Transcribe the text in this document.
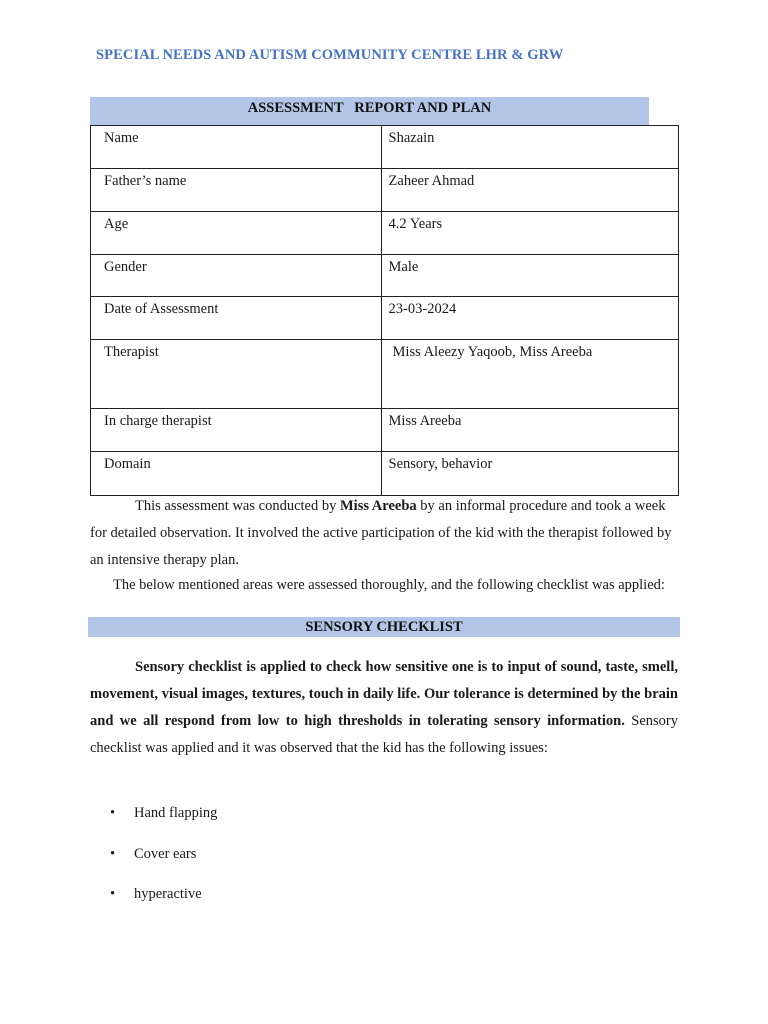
SPECIAL NEEDS AND AUTISM COMMUNITY CENTRE LHR & GRW
ASSESSMENT   REPORT AND PLAN
Name	Shazain
Father’s name	Zaheer Ahmad
Age	4.2 Years
Gender	Male
Date of Assessment	23-03-2024
Therapist	Miss Aleezy Yaqoob, Miss Areeba
In charge therapist	Miss Areeba
Domain	Sensory, behavior

This assessment was conducted by Miss Areeba by an informal procedure and took a week for detailed observation. It involved the active participation of the kid with the therapist followed by an intensive therapy plan.

The below mentioned areas were assessed thoroughly, and the following checklist was applied:

SENSORY CHECKLIST

Sensory checklist is applied to check how sensitive one is to input of sound, taste, smell, movement, visual images, textures, touch in daily life. Our tolerance is determined by the brain and we all respond from low to high thresholds in tolerating sensory information. Sensory checklist was applied and it was observed that the kid has the following issues:

•	Hand flapping
•	Cover ears
•	hyperactive
